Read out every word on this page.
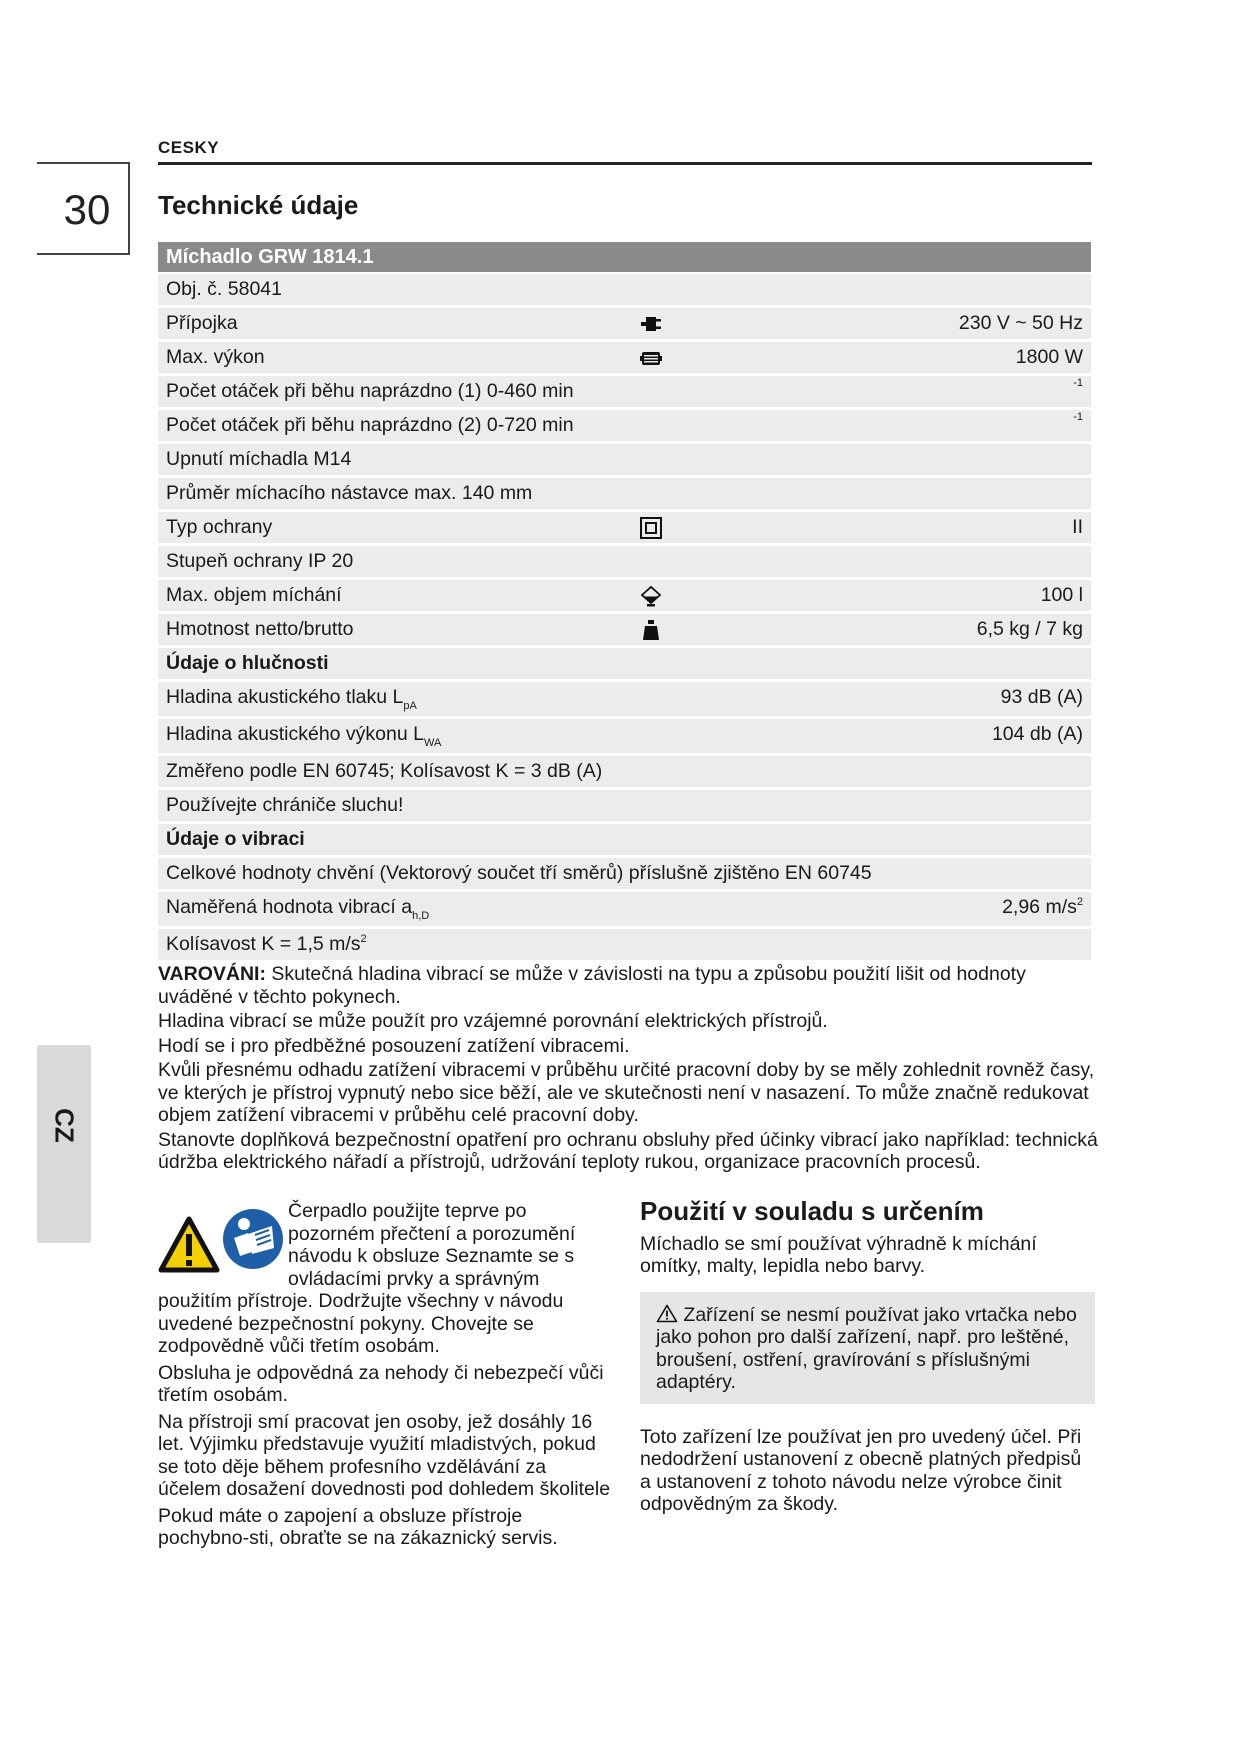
CESKY
30
CZ
Technické údaje
Míchadlo GRW 1814.1
Obj. č. 58041
Přípojka	230 V ~ 50 Hz
Max. výkon	1800 W
Počet otáček při běhu naprázdno (1) 0-460 min	-1
Počet otáček při běhu naprázdno (2) 0-720 min	-1
Upnutí míchadla M14
Průměr míchacího nástavce max. 140 mm
Typ ochrany	II
Stupeň ochrany IP 20
Max. objem míchání	100 l
Hmotnost netto/brutto	6,5 kg / 7 kg
Údaje o hlučnosti
Hladina akustického tlaku $L_{pA}$	93 dB (A)
Hladina akustického výkonu $L_{WA}$	104 db (A)
Změřeno podle EN 60745; Kolísavost K = 3 dB (A)
Používejte chrániče sluchu!
Údaje o vibraci
Celkové hodnoty chvění (Vektorový součet tří směrů) příslušně zjištěno EN 60745
Naměřená hodnota vibrací $a_{h,D}$	2,96 $m/s^2$
Kolísavost K = 1,5 $m/s^2$

VAROVÁNI: Skutečná hladina vibrací se může v závislosti na typu a způsobu použití lišit od hodnoty uváděné v těchto pokynech.

Hladina vibrací se může použít pro vzájemné porovnání elektrických přístrojů.

Hodí se i pro předběžné posouzení zatížení vibracemi.

Kvůli přesnému odhadu zatížení vibracemi v průběhu určité pracovní doby by se měly zohlednit rovněž časy, ve kterých je přístroj vypnutý nebo sice běží, ale ve skutečnosti není v nasazení. To může značně redukovat objem zatížení vibracemi v průběhu celé pracovní doby.

Stanovte doplňková bezpečnostní opatření pro ochranu obsluhy před účinky vibrací jako například: technická údržba elektrického nářadí a přístrojů, udržování teploty rukou, organizace pracovních procesů.

Čerpadlo použijte teprve po pozorném přečtení a porozumění návodu k obsluze Seznamte se s ovládacími prvky a správným použitím přístroje. Dodržujte všechny v návodu uvedené bezpečnostní pokyny. Chovejte se zodpovědně vůči třetím osobám.

Obsluha je odpovědná za nehody či nebezpečí vůči třetím osobám.

Na přístroji smí pracovat jen osoby, jež dosáhly 16 let. Výjimku představuje využití mladistvých, pokud se toto děje během profesního vzdělávání za účelem dosažení dovednosti pod dohledem školitele

Pokud máte o zapojení a obsluze přístroje pochybno-sti, obraťte se na zákaznický servis.

Použití v souladu s určením

Míchadlo se smí používat výhradně k míchání omítky, malty, lepidla nebo barvy.

Zařízení se nesmí používat jako vrtačka nebo jako pohon pro další zařízení, např. pro leštěné, broušení, ostření, gravírování s příslušnými adaptéry.

Toto zařízení lze používat jen pro uvedený účel. Při nedodržení ustanovení z obecně platných předpisů a ustanovení z tohoto návodu nelze výrobce činit odpovědným za škody.
